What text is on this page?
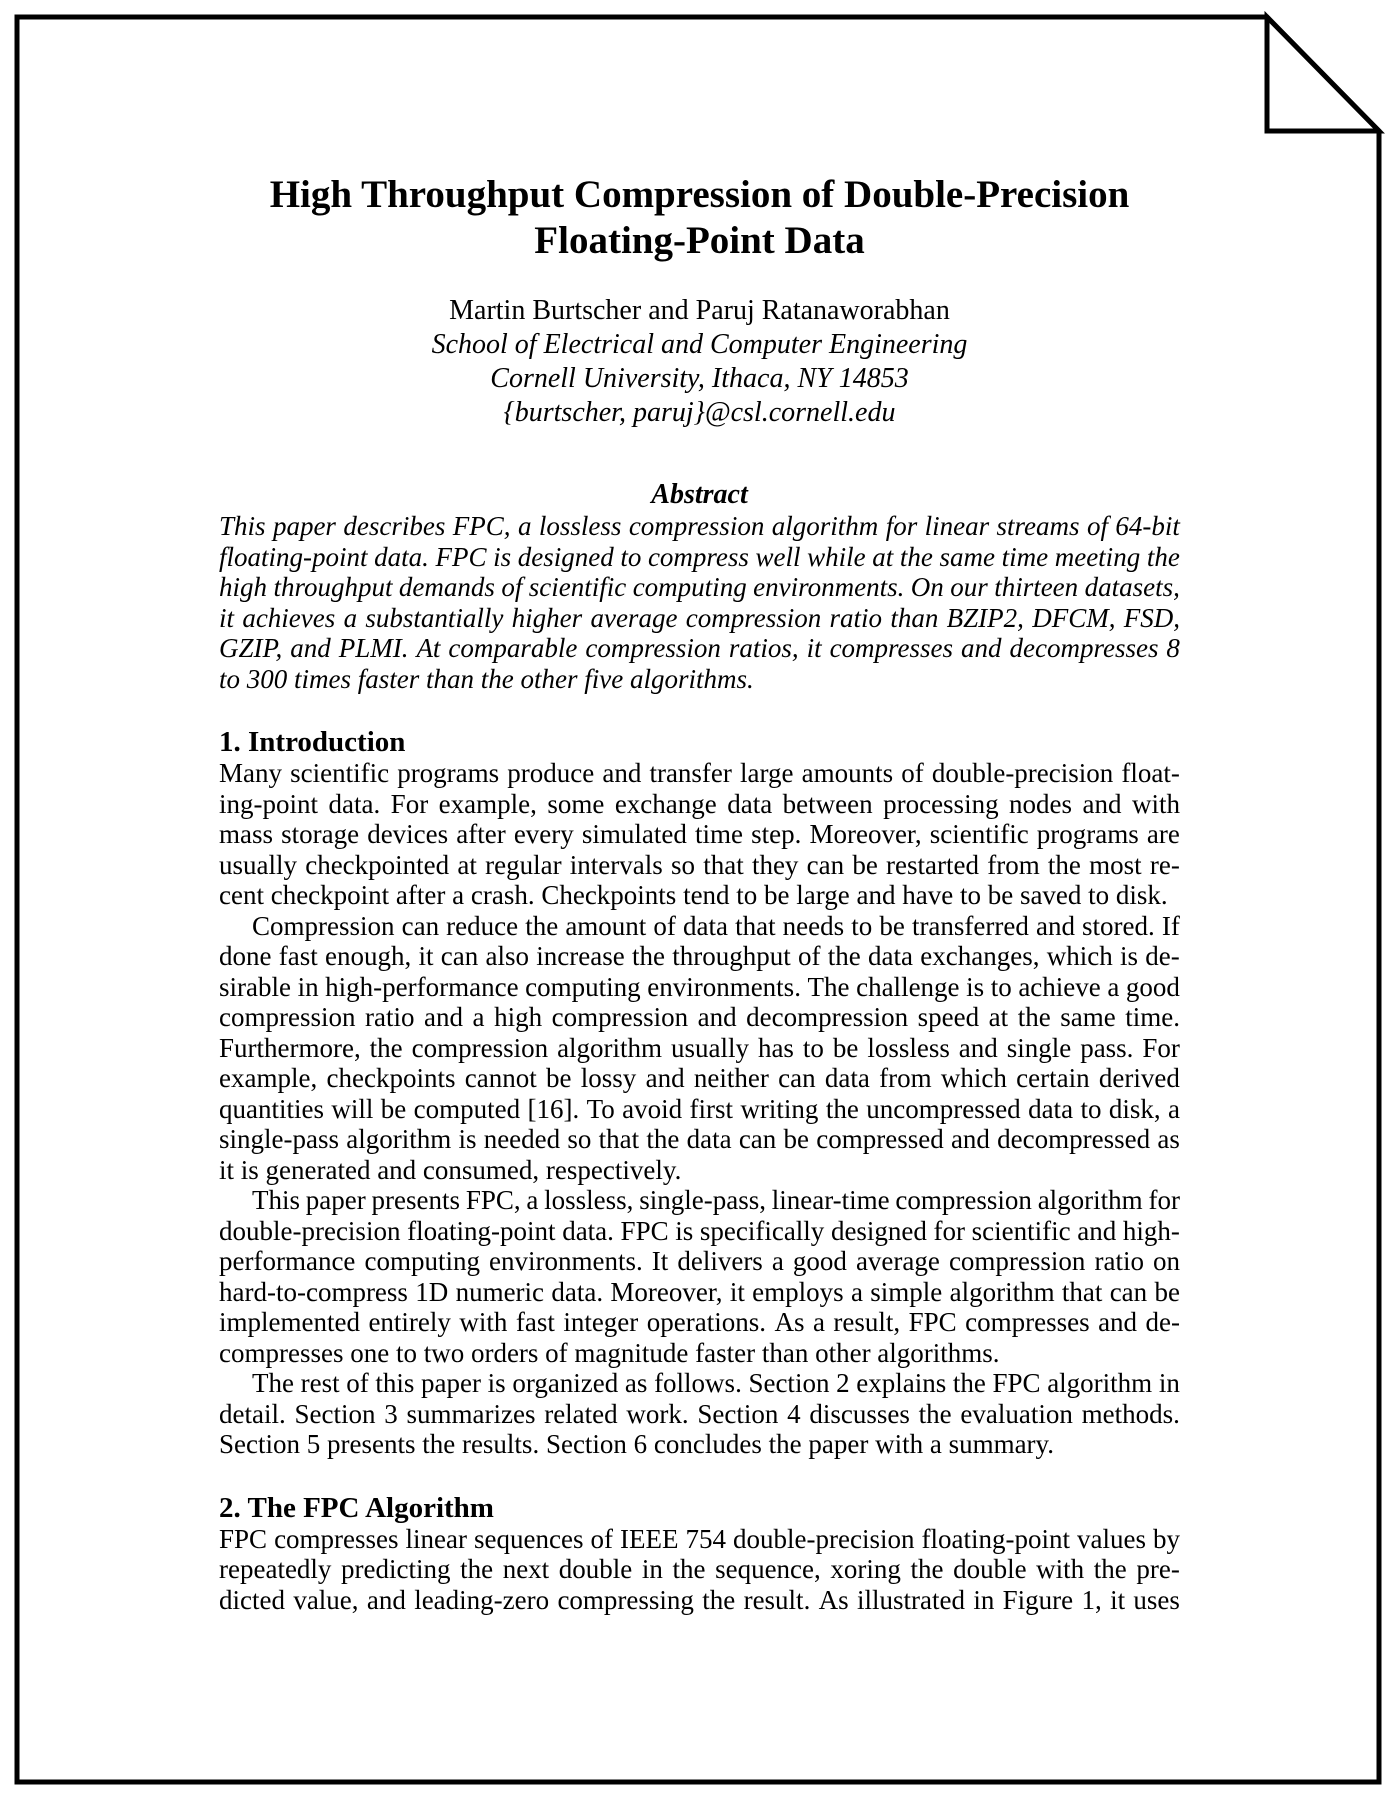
High Throughput Compression of Double-Precision
Floating-Point Data
Martin Burtscher and Paruj Ratanaworabhan
School of Electrical and Computer Engineering
Cornell University, Ithaca, NY 14853
{burtscher, paruj}@csl.cornell.edu
Abstract
This paper describes FPC, a lossless compression algorithm for linear streams of 64-bit
floating-point data. FPC is designed to compress well while at the same time meeting the
high throughput demands of scientific computing environments. On our thirteen datasets,
it achieves a substantially higher average compression ratio than BZIP2, DFCM, FSD,
GZIP, and PLMI. At comparable compression ratios, it compresses and decompresses 8
to 300 times faster than the other five algorithms.
1. Introduction
Many scientific programs produce and transfer large amounts of double-precision float-
ing-point data. For example, some exchange data between processing nodes and with
mass storage devices after every simulated time step. Moreover, scientific programs are
usually checkpointed at regular intervals so that they can be restarted from the most re-
cent checkpoint after a crash. Checkpoints tend to be large and have to be saved to disk.
Compression can reduce the amount of data that needs to be transferred and stored. If
done fast enough, it can also increase the throughput of the data exchanges, which is de-
sirable in high-performance computing environments. The challenge is to achieve a good
compression ratio and a high compression and decompression speed at the same time.
Furthermore, the compression algorithm usually has to be lossless and single pass. For
example, checkpoints cannot be lossy and neither can data from which certain derived
quantities will be computed [16]. To avoid first writing the uncompressed data to disk, a
single-pass algorithm is needed so that the data can be compressed and decompressed as
it is generated and consumed, respectively.
This paper presents FPC, a lossless, single-pass, linear-time compression algorithm for
double-precision floating-point data. FPC is specifically designed for scientific and high-
performance computing environments. It delivers a good average compression ratio on
hard-to-compress 1D numeric data. Moreover, it employs a simple algorithm that can be
implemented entirely with fast integer operations. As a result, FPC compresses and de-
compresses one to two orders of magnitude faster than other algorithms.
The rest of this paper is organized as follows. Section 2 explains the FPC algorithm in
detail. Section 3 summarizes related work. Section 4 discusses the evaluation methods.
Section 5 presents the results. Section 6 concludes the paper with a summary.
2. The FPC Algorithm
FPC compresses linear sequences of IEEE 754 double-precision floating-point values by
repeatedly predicting the next double in the sequence, xoring the double with the pre-
dicted value, and leading-zero compressing the result. As illustrated in Figure 1, it uses
